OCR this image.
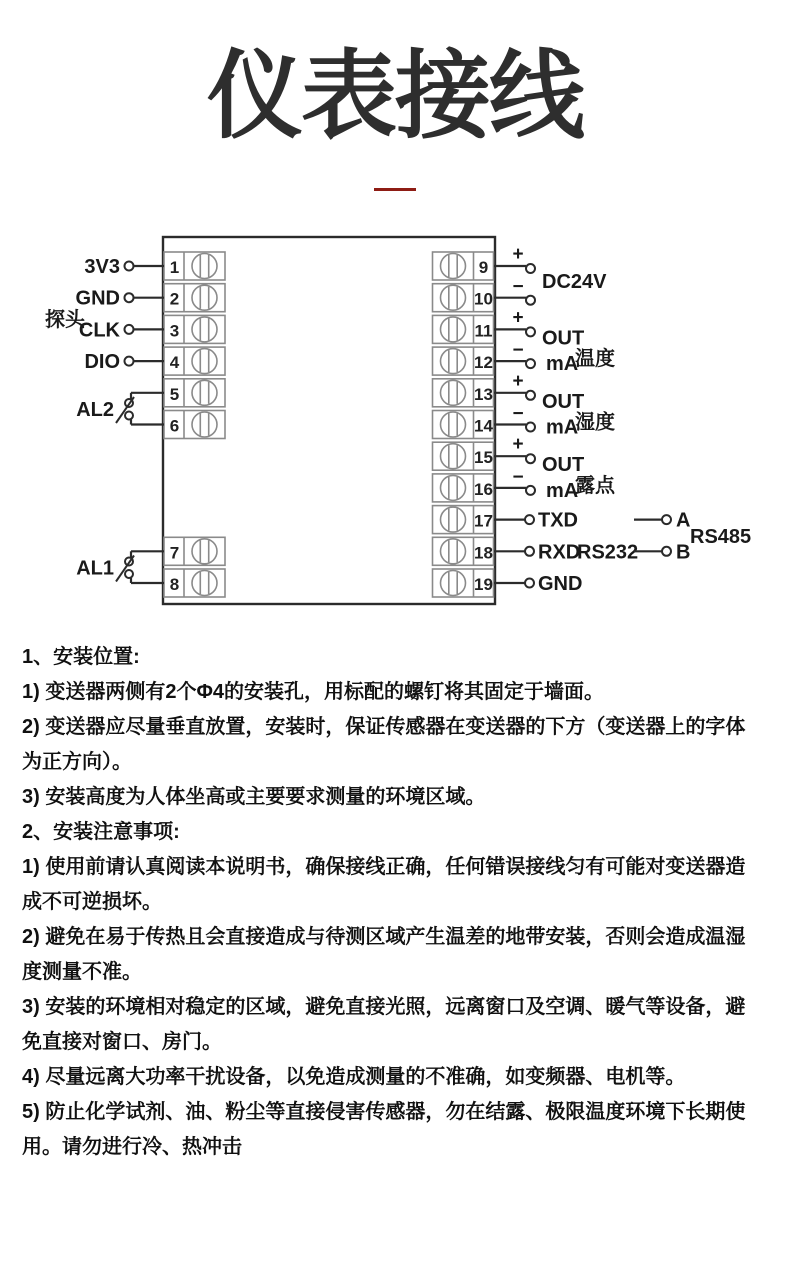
仪表接线
1
2
3
4
5
6
7
8
9
10
11
12
13
14
15
16
17
18
19
3V3
GND
CLK
DIO
探头
AL2
AL1
+
− DC24V
+
−
OUT
mA
温度
+
−
OUT
mA
湿度
+
−
OUT
mA
露点
TXD
RXD
RS232
GND
A
B
RS485

1、安装位置:

1) 变送器两侧有2个Φ4的安装孔，用标配的螺钉将其固定于墙面。

2) 变送器应尽量垂直放置，安装时，保证传感器在变送器的下方（变送器上的字体

为正方向）。

3) 安装高度为人体坐高或主要要求测量的环境区域。

2、安装注意事项:

1) 使用前请认真阅读本说明书，确保接线正确，任何错误接线匀有可能对变送器造

成不可逆损坏。

2) 避免在易于传热且会直接造成与待测区域产生温差的地带安装，否则会造成温湿

度测量不准。

3) 安装的环境相对稳定的区域，避免直接光照，远离窗口及空调、暖气等设备，避

免直接对窗口、房门。

4) 尽量远离大功率干扰设备，以免造成测量的不准确，如变频器、电机等。

5) 防止化学试剂、油、粉尘等直接侵害传感器，勿在结露、极限温度环境下长期使

用。请勿进行冷、热冲击
